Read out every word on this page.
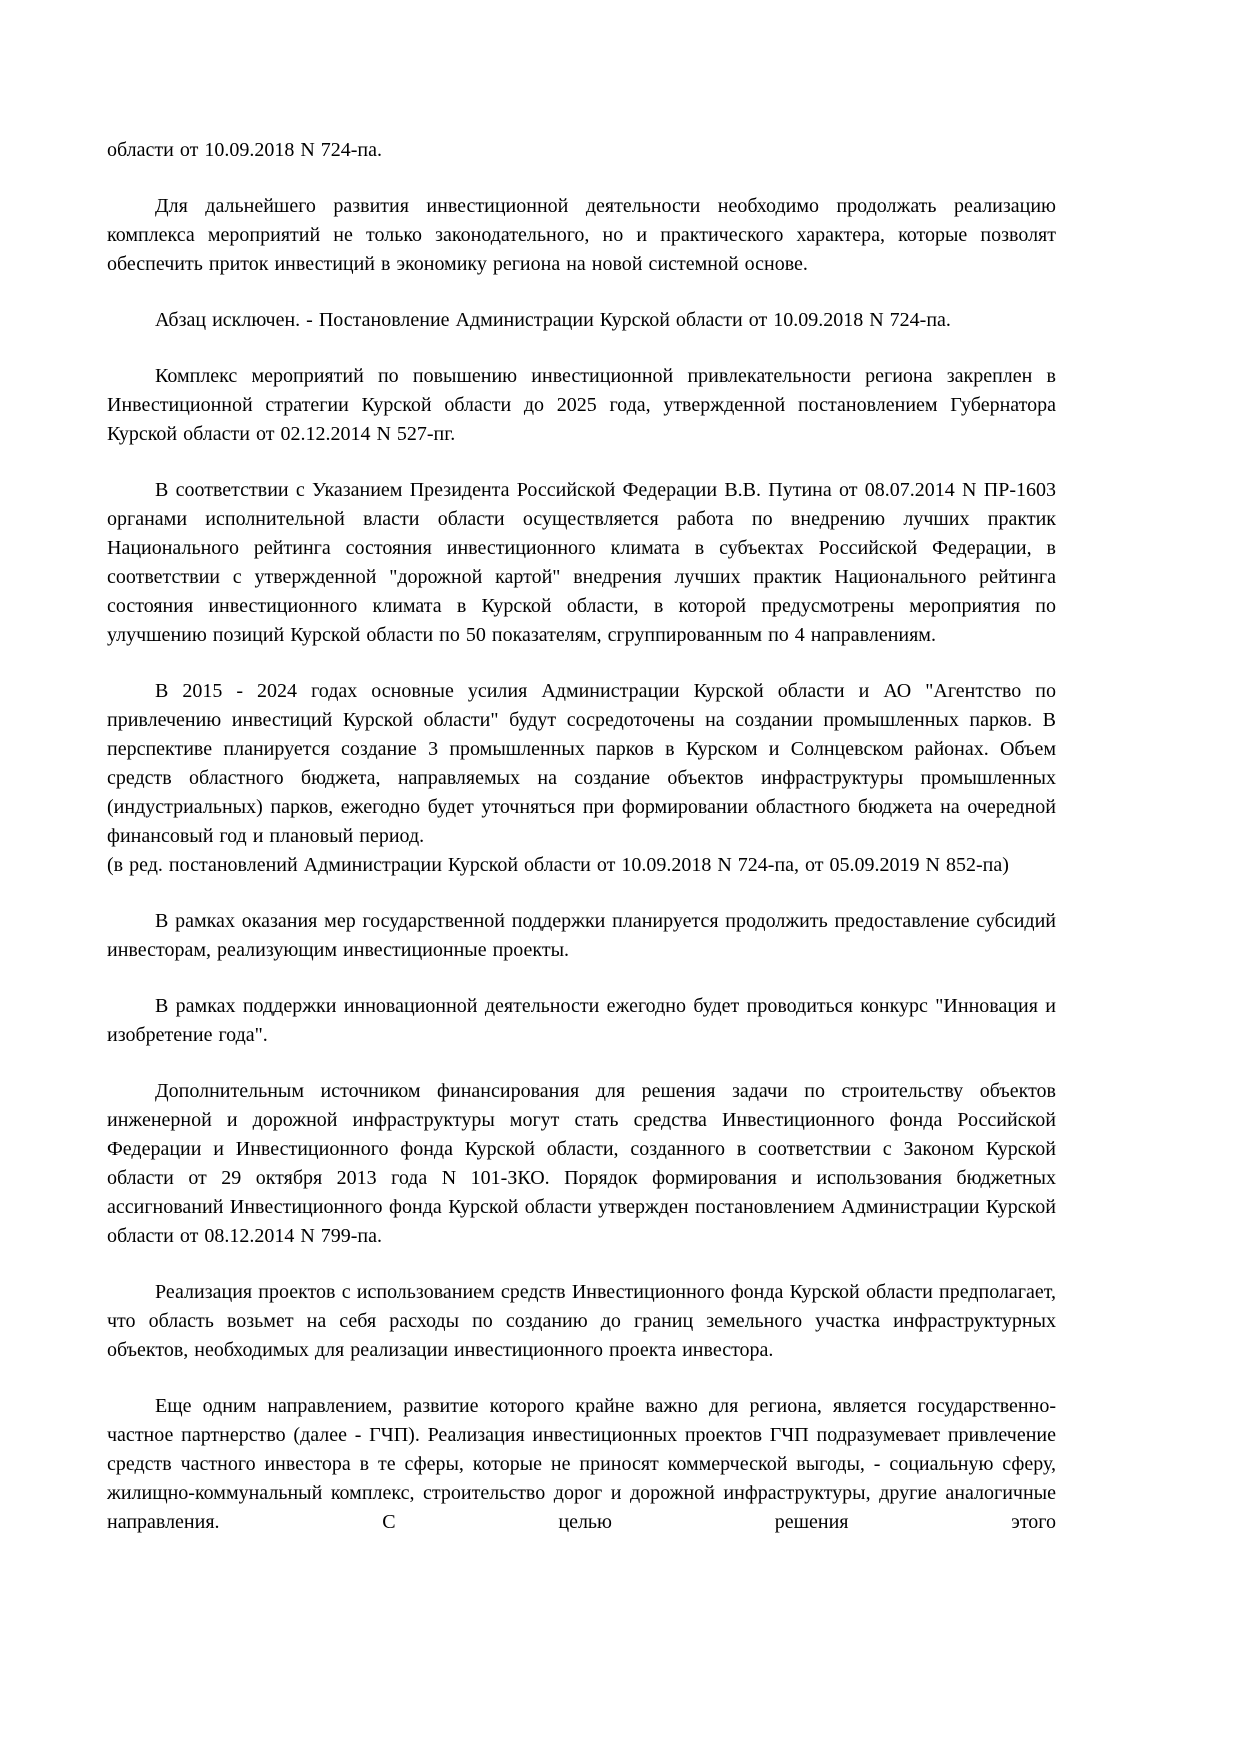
области от 10.09.2018 N 724-па.

Для дальнейшего развития инвестиционной деятельности необходимо продолжать реализацию комплекса мероприятий не только законодательного, но и практического характера, которые позволят обеспечить приток инвестиций в экономику региона на новой системной основе.

Абзац исключен. - Постановление Администрации Курской области от 10.09.2018 N 724-па.

Комплекс мероприятий по повышению инвестиционной привлекательности региона закреплен в Инвестиционной стратегии Курской области до 2025 года, утвержденной постановлением Губернатора Курской области от 02.12.2014 N 527-пг.

В соответствии с Указанием Президента Российской Федерации В.В. Путина от 08.07.2014 N ПР-1603 органами исполнительной власти области осуществляется работа по внедрению лучших практик Национального рейтинга состояния инвестиционного климата в субъектах Российской Федерации, в соответствии с утвержденной "дорожной картой" внедрения лучших практик Национального рейтинга состояния инвестиционного климата в Курской области, в которой предусмотрены мероприятия по улучшению позиций Курской области по 50 показателям, сгруппированным по 4 направлениям.

В 2015 - 2024 годах основные усилия Администрации Курской области и АО "Агентство по привлечению инвестиций Курской области" будут сосредоточены на создании промышленных парков. В перспективе планируется создание 3 промышленных парков в Курском и Солнцевском районах. Объем средств областного бюджета, направляемых на создание объектов инфраструктуры промышленных (индустриальных) парков, ежегодно будет уточняться при формировании областного бюджета на очередной финансовый год и плановый период.

(в ред. постановлений Администрации Курской области от 10.09.2018 N 724-па, от 05.09.2019 N 852-па)

В рамках оказания мер государственной поддержки планируется продолжить предоставление субсидий инвесторам, реализующим инвестиционные проекты.

В рамках поддержки инновационной деятельности ежегодно будет проводиться конкурс "Инновация и изобретение года".

Дополнительным источником финансирования для решения задачи по строительству объектов инженерной и дорожной инфраструктуры могут стать средства Инвестиционного фонда Российской Федерации и Инвестиционного фонда Курской области, созданного в соответствии с Законом Курской области от 29 октября 2013 года N 101-ЗКО. Порядок формирования и использования бюджетных ассигнований Инвестиционного фонда Курской области утвержден постановлением Администрации Курской области от 08.12.2014 N 799-па.

Реализация проектов с использованием средств Инвестиционного фонда Курской области предполагает, что область возьмет на себя расходы по созданию до границ земельного участка инфраструктурных объектов, необходимых для реализации инвестиционного проекта инвестора.

Еще одним направлением, развитие которого крайне важно для региона, является государственно-частное партнерство (далее - ГЧП). Реализация инвестиционных проектов ГЧП подразумевает привлечение средств частного инвестора в те сферы, которые не приносят коммерческой выгоды, - социальную сферу, жилищно-коммунальный комплекс, строительство дорог и дорожной инфраструктуры, другие аналогичные направления. С целью решения этого
